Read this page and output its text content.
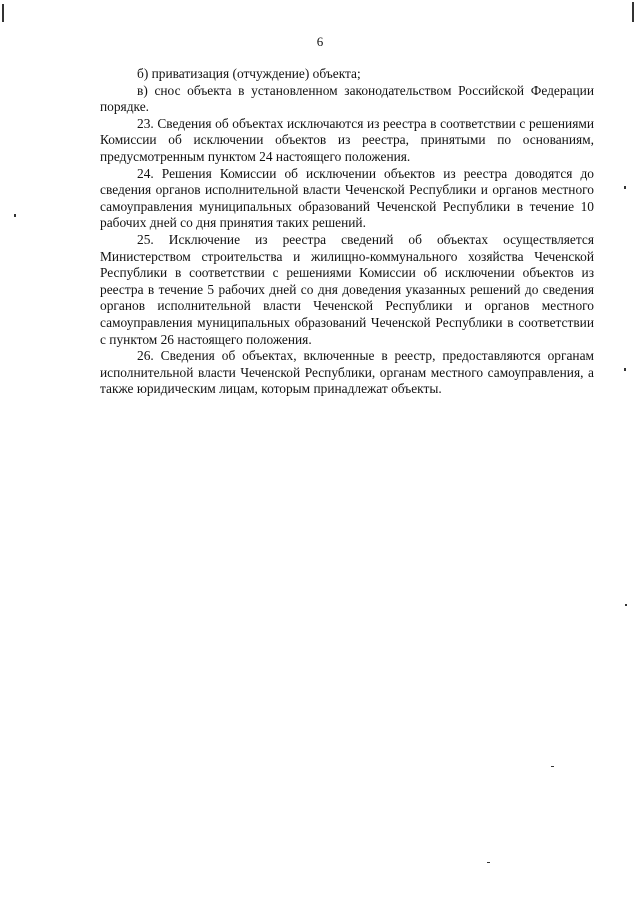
6

б) приватизация (отчуждение) объекта;

в) снос объекта в установленном законодательством Российской Федерации порядке.

23. Сведения об объектах исключаются из реестра в соответствии с решениями Комиссии об исключении объектов из реестра, принятыми по основаниям, предусмотренным пунктом 24 настоящего положения.

24. Решения Комиссии об исключении объектов из реестра доводятся до сведения органов исполнительной власти Чеченской Республики и органов местного самоуправления муниципальных образований Чеченской Республики в течение 10 рабочих дней со дня принятия таких решений.

25. Исключение из реестра сведений об объектах осуществляется Министерством строительства и жилищно-коммунального хозяйства Чеченской Республики в соответствии с решениями Комиссии об исключении объектов из реестра в течение 5 рабочих дней со дня доведения указанных решений до сведения органов исполнительной власти Чеченской Республики и органов местного самоуправления муниципальных образований Чеченской Республики в соответствии с пунктом 26 настоящего положения.

26. Сведения об объектах, включенные в реестр, предоставляются органам исполнительной власти Чеченской Республики, органам местного самоуправления, а также юридическим лицам, которым принадлежат объекты.
